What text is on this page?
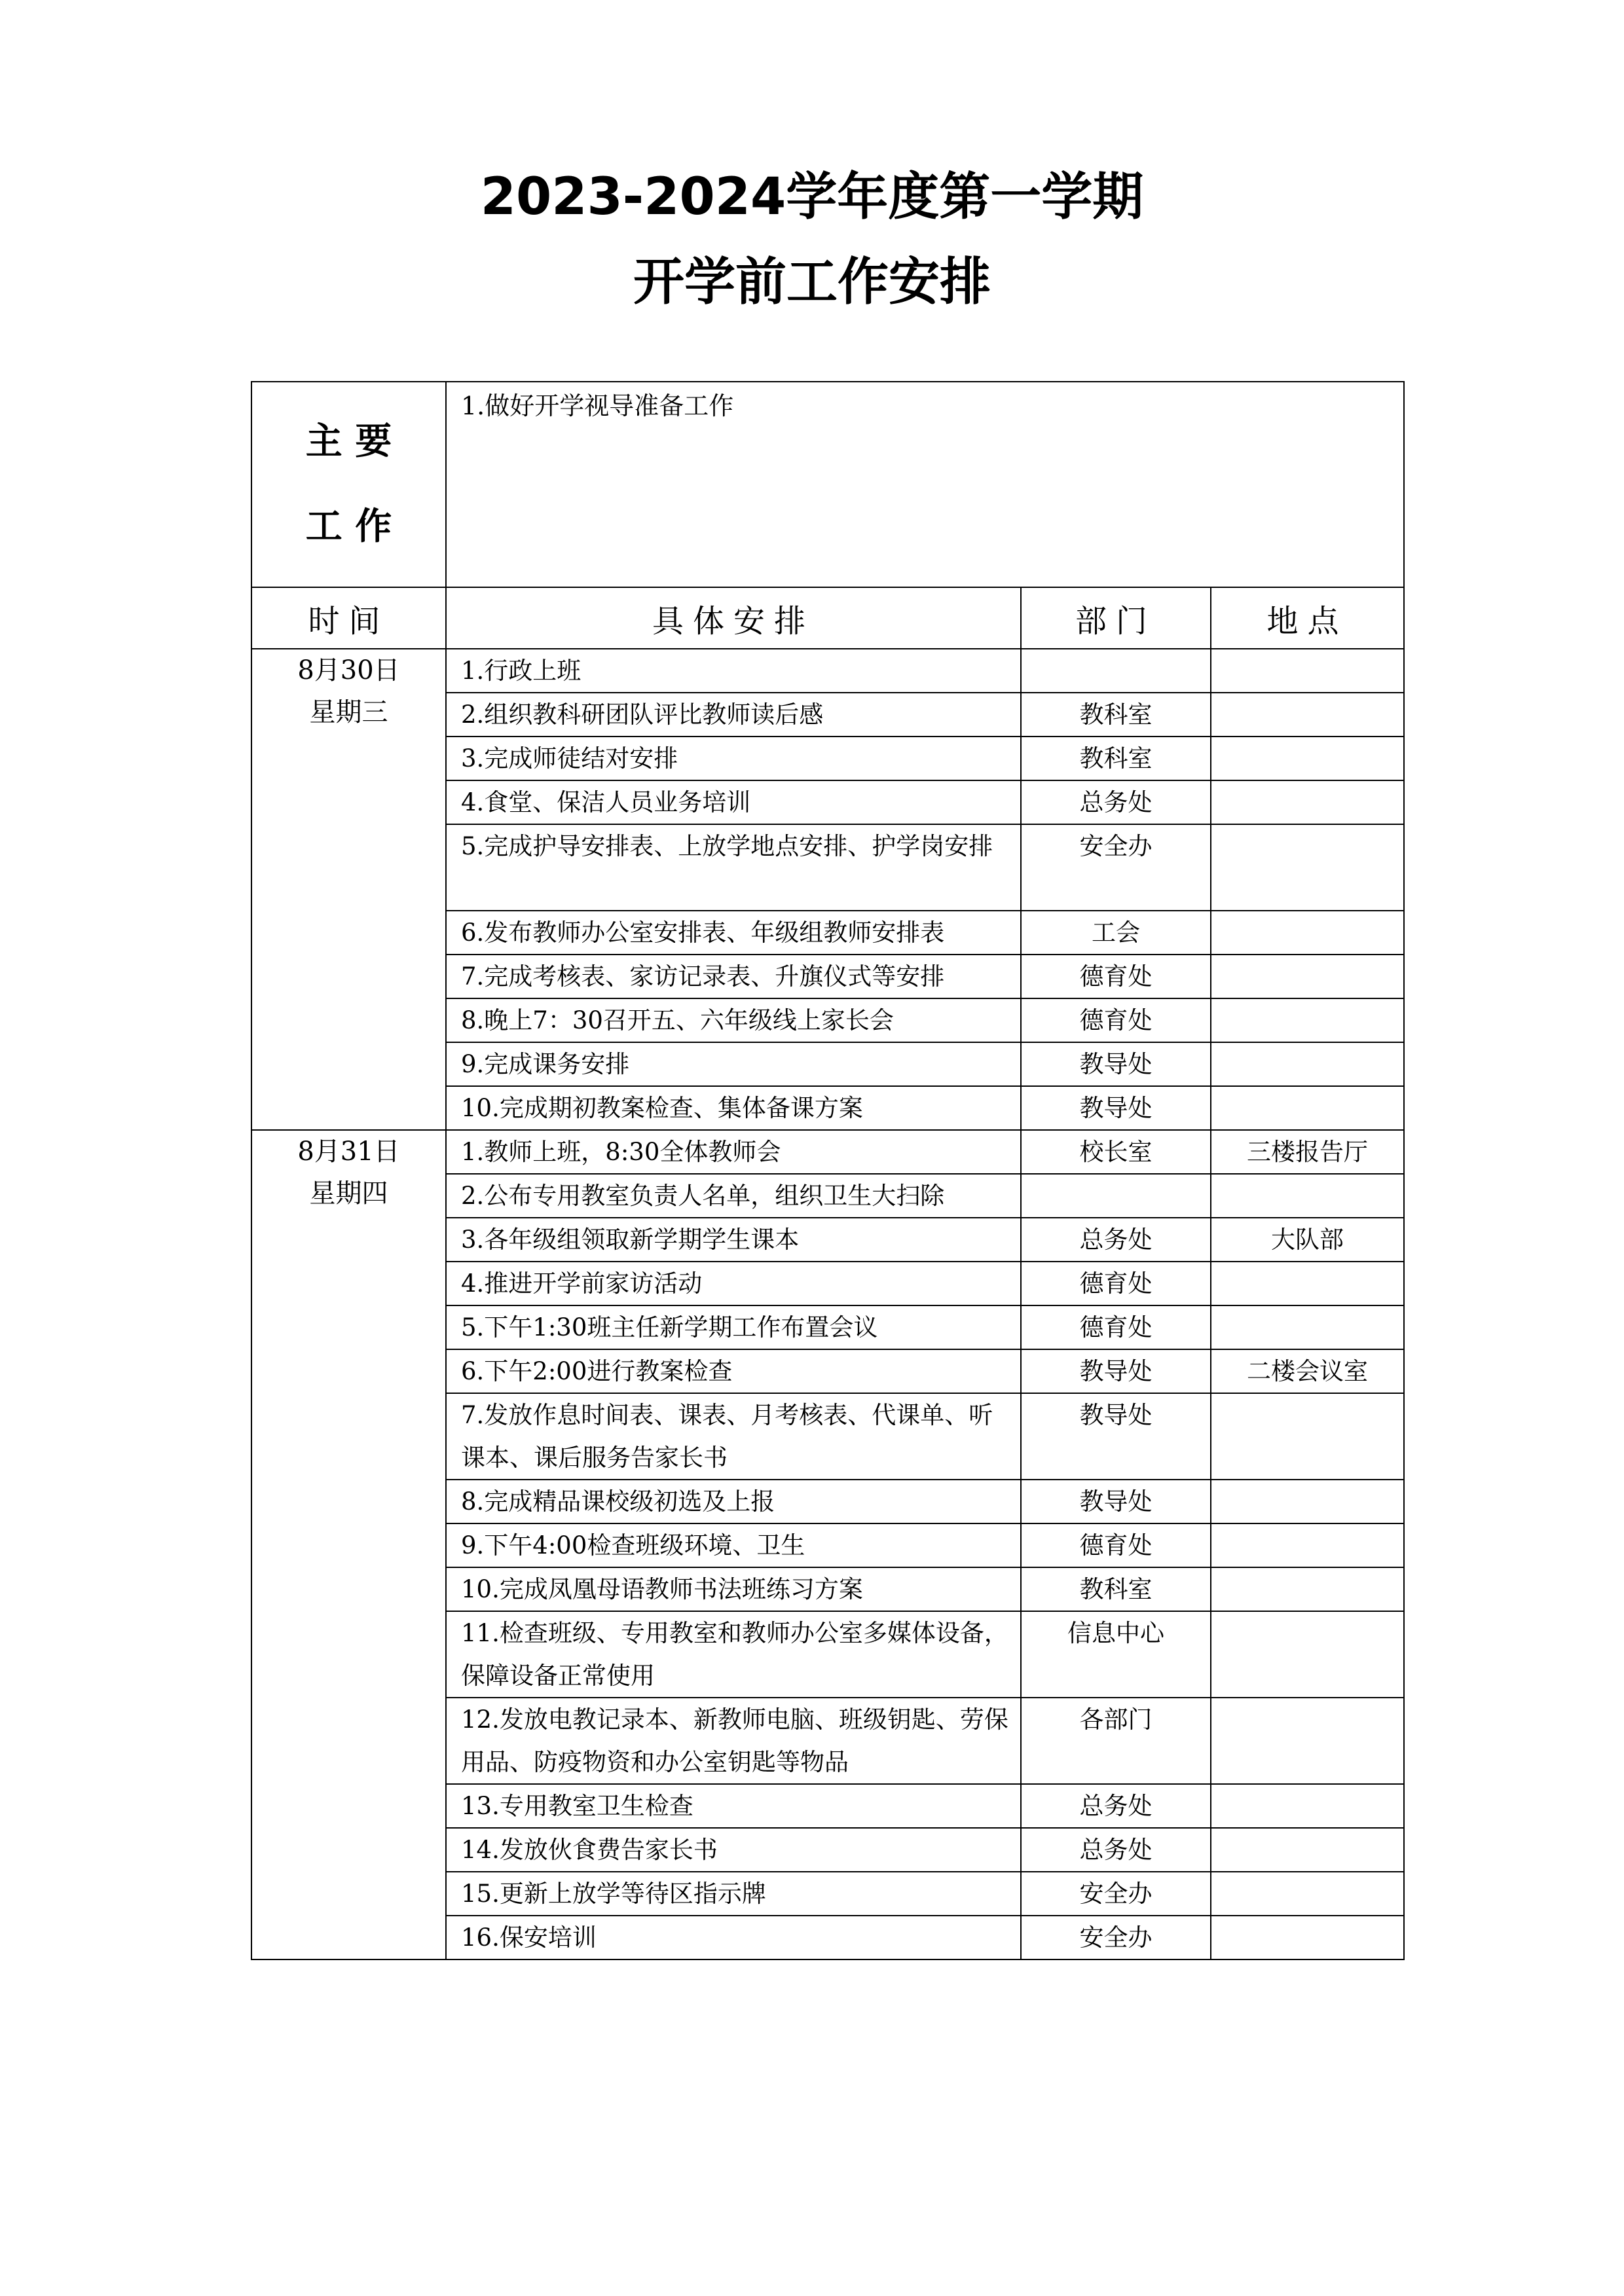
2023-2024学年度第一学期
开学前工作安排
主 要
工 作	1.做好开学视导准备工作		
时间	具体安排	部门	地点

8月30日
星期三	1.行政上班		
	2.组织教科研团队评比教师读后感	教科室	
	3.完成师徒结对安排	教科室	
	4.食堂、保洁人员业务培训	总务处	
	5.完成护导安排表、上放学地点安排、护学岗安排	安全办	
	6.发布教师办公室安排表、年级组教师安排表	工会	
	7.完成考核表、家访记录表、升旗仪式等安排	德育处	
	8.晚上7：30召开五、六年级线上家长会	德育处	
	9.完成课务安排	教导处	
	10.完成期初教案检查、集体备课方案	教导处	

8月31日
星期四	1.教师上班，8:30全体教师会	校长室	三楼报告厅
	2.公布专用教室负责人名单，组织卫生大扫除		
	3.各年级组领取新学期学生课本	总务处	大队部
	4.推进开学前家访活动	德育处	
	5.下午1:30班主任新学期工作布置会议	德育处	
	6.下午2:00进行教案检查	教导处	二楼会议室
	7.发放作息时间表、课表、月考核表、代课单、听课本、课后服务告家长书	教导处	
	8.完成精品课校级初选及上报	教导处	
	9.下午4:00检查班级环境、卫生	德育处	
	10.完成凤凰母语教师书法班练习方案	教科室	
	11.检查班级、专用教室和教师办公室多媒体设备，保障设备正常使用	信息中心	
	12.发放电教记录本、新教师电脑、班级钥匙、劳保用品、防疫物资和办公室钥匙等物品	各部门	
	13.专用教室卫生检查	总务处	
	14.发放伙食费告家长书	总务处	
	15.更新上放学等待区指示牌	安全办	
	16.保安培训	安全办	
